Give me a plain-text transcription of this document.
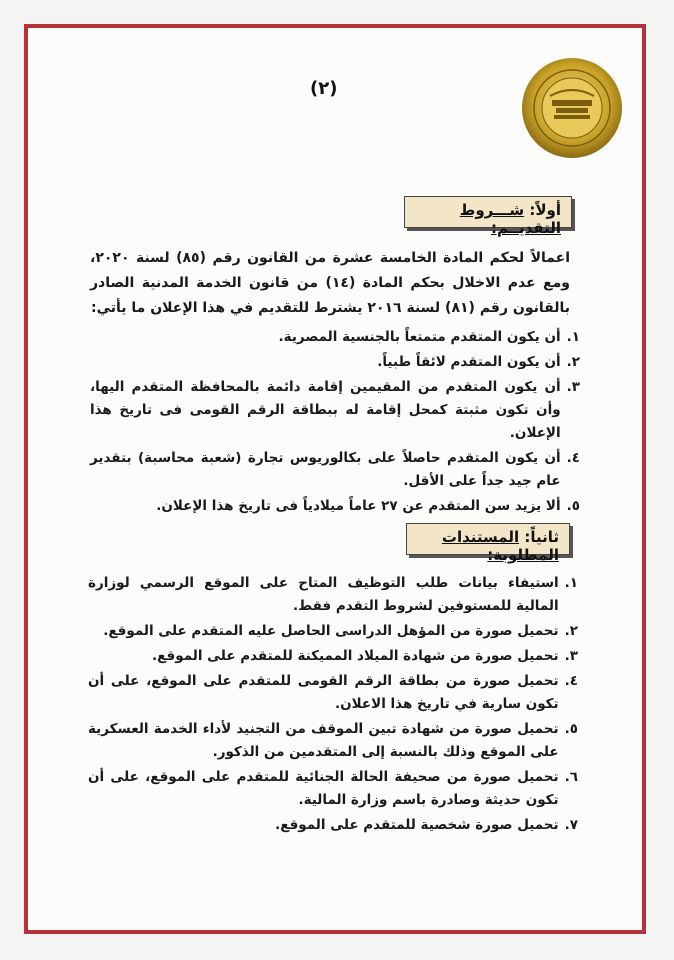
(٢)
أولاً: شـــروط التقديــم:
اعمالاً لحكم المادة الخامسة عشرة من القانون رقم (٨٥) لسنة ٢٠٢٠، ومع عدم الاخلال بحكم المادة (١٤) من قانون الخدمة المدنية الصادر بالقانون رقم (٨١) لسنة ٢٠١٦ يشترط للتقديم في هذا الإعلان ما يأتي:
١.
أن يكون المتقدم متمتعاً بالجنسية المصرية.
٢.
أن يكون المتقدم لائقاً طبياً.
٣.
أن يكون المتقدم من المقيمين إقامة دائمة بالمحافظة المتقدم اليها، وأن تكون مثبتة كمحل إقامة له ببطاقة الرقم القومى فى تاريخ هذا الإعلان.
٤.
أن يكون المتقدم حاصلاً على بكالوريوس تجارة (شعبة محاسبة) بتقدير عام جيد جداً على الأقل.
٥.
ألا يزيد سن المتقدم عن ٢٧ عاماً ميلادياً فى تاريخ هذا الإعلان.
ثانياً: المستندات المطلوبة:
١.
استيفاء بيانات طلب التوظيف المتاح على الموقع الرسمي لوزارة المالية للمستوفين لشروط التقدم فقط.
٢.
تحميل صورة من المؤهل الدراسى الحاصل عليه المتقدم على الموقع.
٣.
تحميل صورة من شهادة الميلاد المميكنة للمتقدم على الموقع.
٤.
تحميل صورة من بطاقة الرقم القومى للمتقدم على الموقع، على أن تكون سارية في تاريخ هذا الاعلان.
٥.
تحميل صورة من شهادة تبين الموقف من التجنيد لأداء الخدمة العسكرية على الموقع وذلك بالنسبة إلى المتقدمين من الذكور.
٦.
تحميل صورة من صحيفة الحالة الجنائية للمتقدم على الموقع، على أن تكون حديثة وصادرة باسم وزارة المالية.
٧.
تحميل صورة شخصية للمتقدم على الموقع.
